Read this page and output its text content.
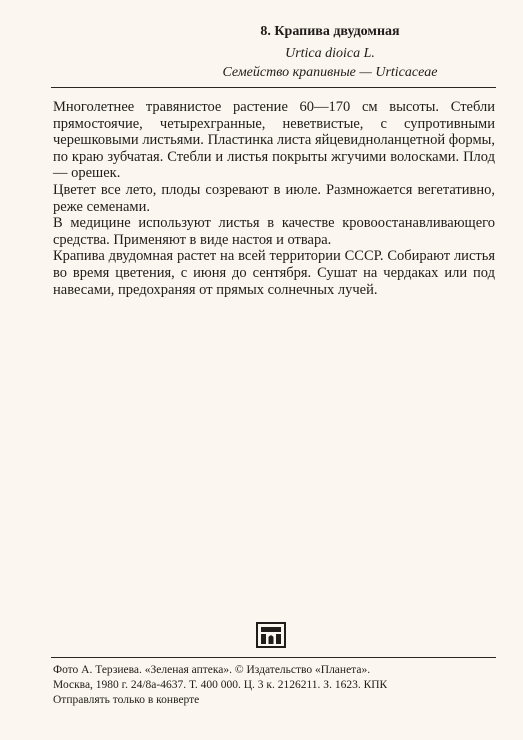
8. Крапива двудомная
Urtica dioica L.
Семейство крапивные — Urticaceae

Многолетнее травянистое растение 60—170 см высоты. Стебли прямостоячие, четырехгранные, неветвистые, с супротивными черешковыми листьями. Пластинка листа яйцевидноланцетной формы, по краю зубчатая. Стебли и листья покрыты жгучими волосками. Плод — орешек.

Цветет все лето, плоды созревают в июле. Размножается вегетативно, реже семенами.

В медицине используют листья в качестве кровоостанавливающего средства. Применяют в виде настоя и отвара.

Крапива двудомная растет на всей территории СССР. Собирают листья во время цветения, с июня до сентября. Сушат на чердаках или под навесами, предохраняя от прямых солнечных лучей.

Фото А. Терзиева. «Зеленая аптека». © Издательство «Планета».
Москва, 1980 г. 24/8а-4637. Т. 400 000. Ц. 3 к. 2126211. З. 1623. КПК
Отправлять только в конверте
